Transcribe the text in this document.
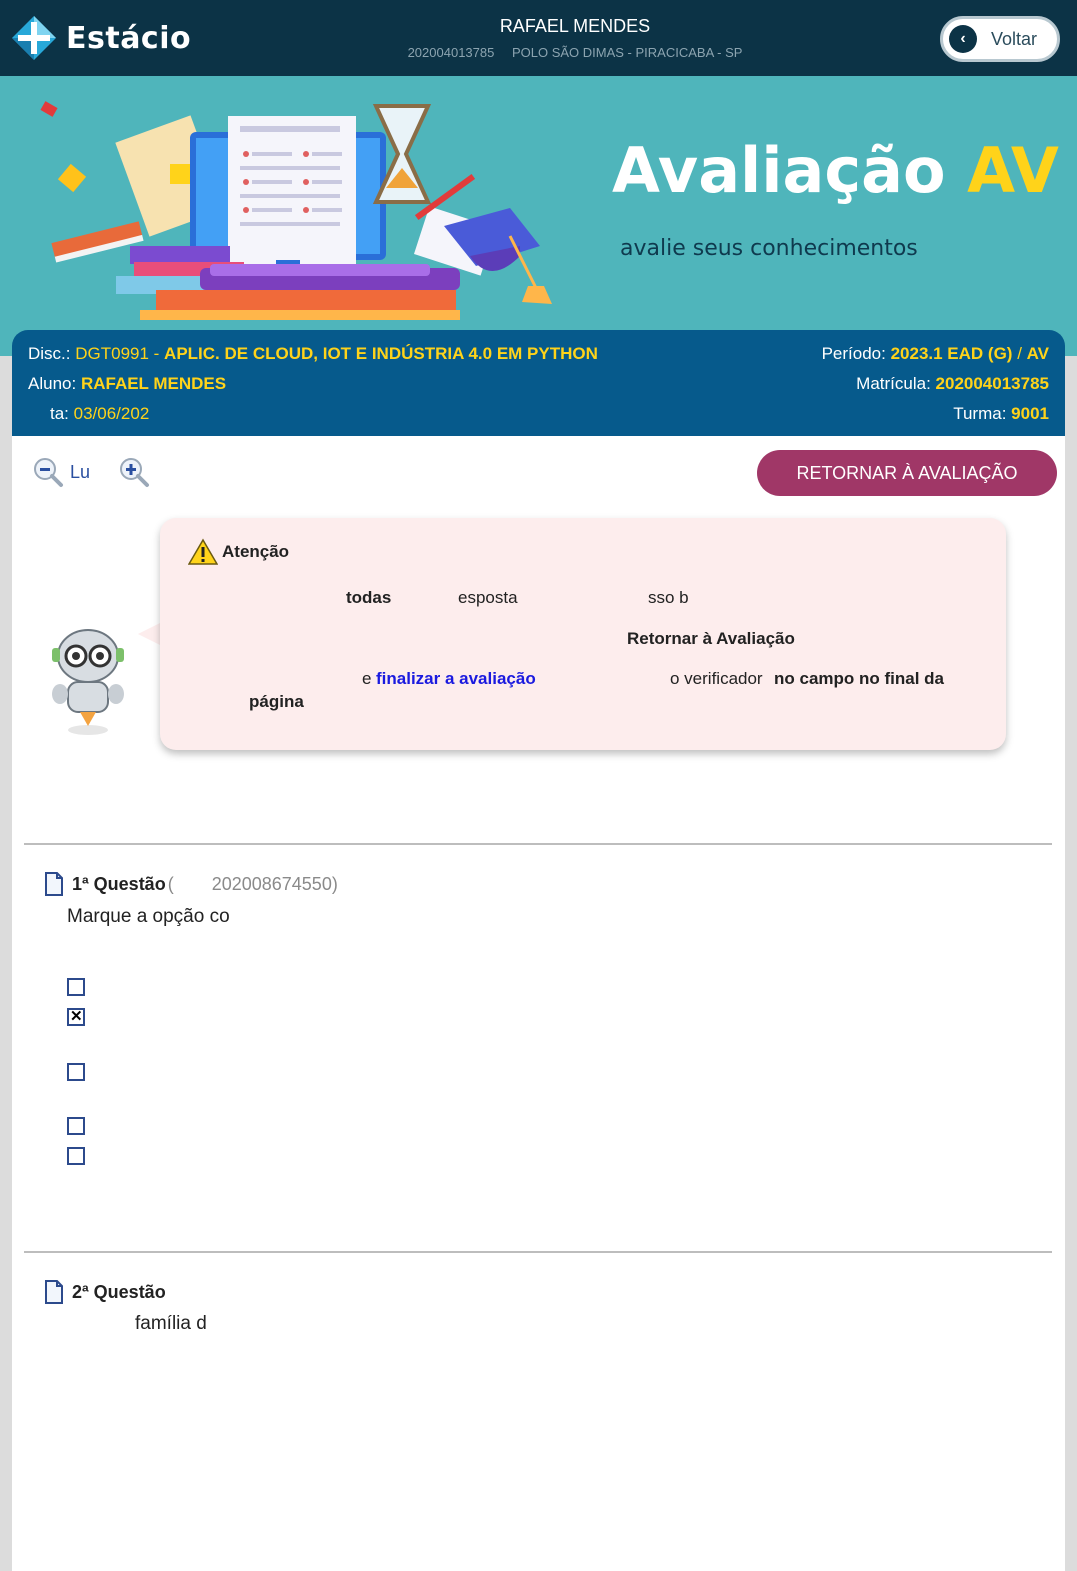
Estácio	RAFAEL MENDES
202004013785 POLO SÃO DIMAS - PIRACICABA - SP
‹	Voltar
Avaliação AV
avalie seus conhecimentos
Disc.: DGT0991 - APLIC. DE CLOUD, IOT E INDÚSTRIA 4.0 EM PYTHON
Aluno: RAFAEL MENDES
ta: 03/06/202
Período: 2023.1 EAD (G) / AV
Matrícula: 202004013785
Turma: 9001
Lu	RETORNAR À AVALIAÇÃO
Atenção
todas	esposta	sso b
Retornar à Avaliação
e finalizar a avaliação	o verificador no campo no final da
página
1ª Questão ( 202008674550)
Marque a opção co
✕
2ª Questão
família d
